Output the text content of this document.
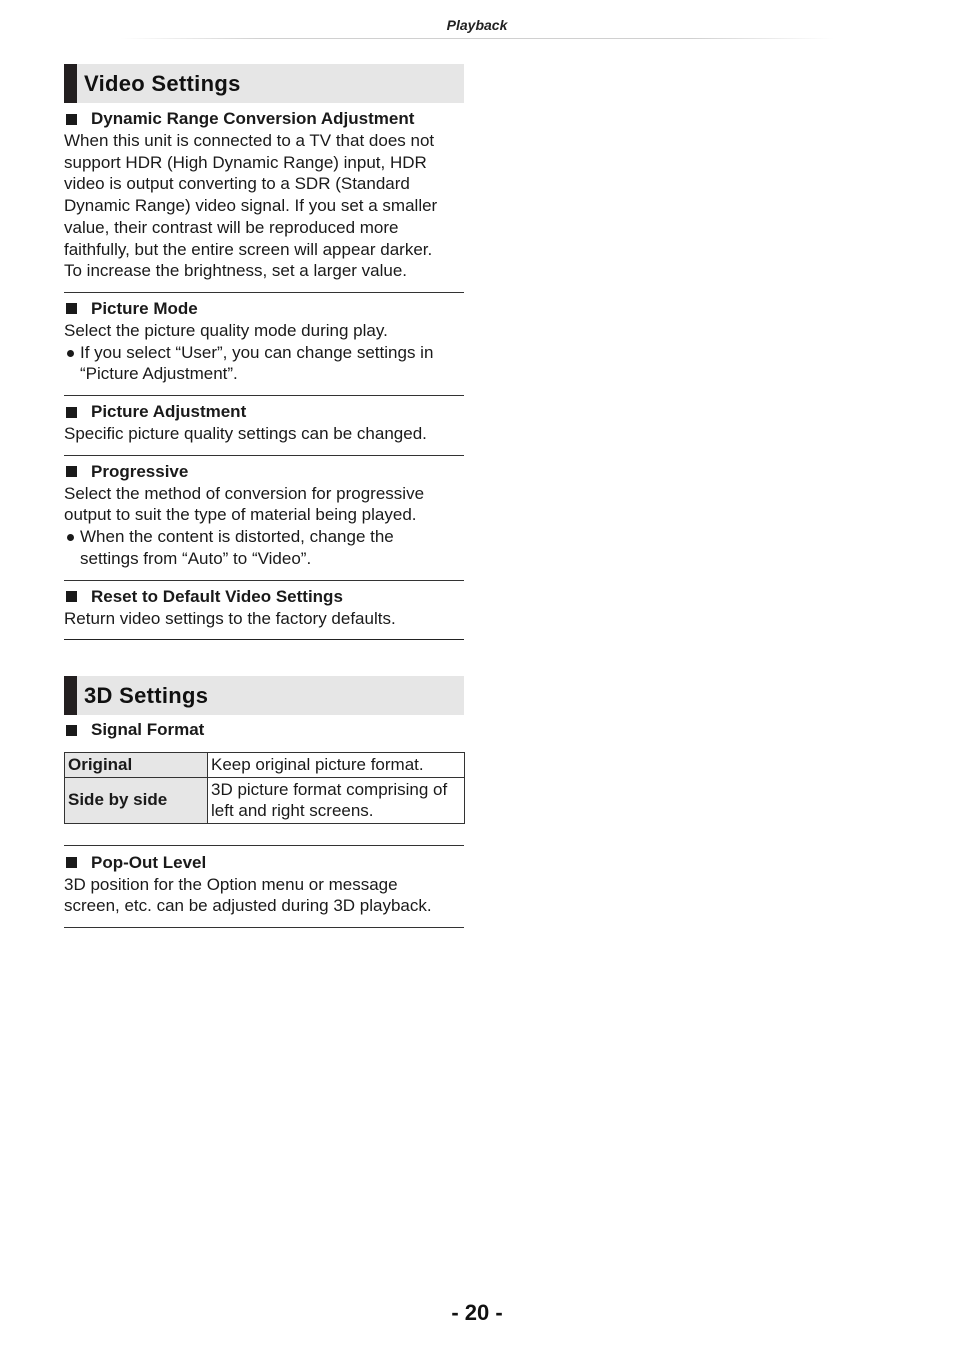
Playback
Video Settings
Dynamic Range Conversion Adjustment
When this unit is connected to a TV that does not
support HDR (High Dynamic Range) input, HDR
video is output converting to a SDR (Standard
Dynamic Range) video signal. If you set a smaller
value, their contrast will be reproduced more
faithfully, but the entire screen will appear darker.
To increase the brightness, set a larger value.
Picture Mode
Select the picture quality mode during play.
If you select “User”, you can change settings in
“Picture Adjustment”.
Picture Adjustment
Specific picture quality settings can be changed.
Progressive
Select the method of conversion for progressive
output to suit the type of material being played.
When the content is distorted, change the
settings from “Auto” to “Video”.
Reset to Default Video Settings
Return video settings to the factory defaults.
3D Settings
Signal Format
Original	Keep original picture format.

Side by side	3D picture format comprising of
left and right screens.
Pop-Out Level
3D position for the Option menu or message
screen, etc. can be adjusted during 3D playback.
- 20 -
